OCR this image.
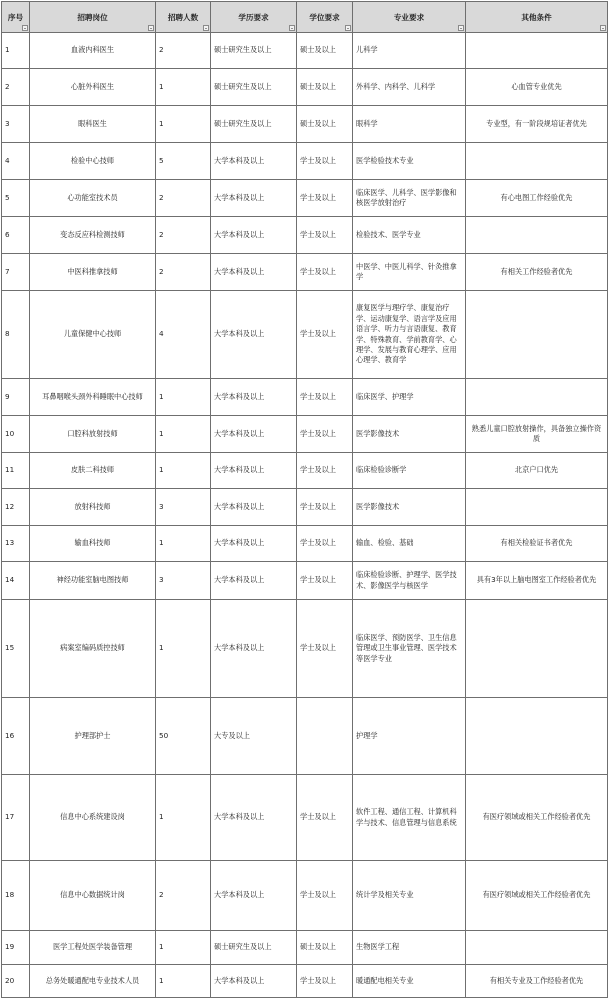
序号	招聘岗位	招聘人数	学历要求	学位要求	专业要求	其他条件

1	血液内科医生	2	硕士研究生及以上	硕士及以上	儿科学	
2	心脏外科医生	1	硕士研究生及以上	硕士及以上	外科学、内科学、儿科学	心血管专业优先
3	眼科医生	1	硕士研究生及以上	硕士及以上	眼科学	专业型，有一阶段规培证者优先
4	检验中心技师	5	大学本科及以上	学士及以上	医学检验技术专业	
5	心功能室技术员	2	大学本科及以上	学士及以上	临床医学、儿科学、医学影像和核医学放射治疗	有心电图工作经验优先
6	变态反应科检测技师	2	大学本科及以上	学士及以上	检验技术、医学专业	
7	中医科推拿技师	2	大学本科及以上	学士及以上	中医学、中医儿科学、针灸推拿学	有相关工作经验者优先
8	儿童保健中心技师	4	大学本科及以上	学士及以上	康复医学与理疗学、康复治疗学、运动康复学、语言学及应用语言学、听力与言语康复、教育学、特殊教育、学前教育学、心理学、发展与教育心理学、应用心理学、教育学	
9	耳鼻咽喉头颈外科睡眠中心技师	1	大学本科及以上	学士及以上	临床医学、护理学	
10	口腔科放射技师	1	大学本科及以上	学士及以上	医学影像技术	熟悉儿童口腔放射操作，具备独立操作资质
11	皮肤二科技师	1	大学本科及以上	学士及以上	临床检验诊断学	北京户口优先
12	放射科技师	3	大学本科及以上	学士及以上	医学影像技术	
13	输血科技师	1	大学本科及以上	学士及以上	输血、检验、基础	有相关检验证书者优先
14	神经功能室脑电图技师	3	大学本科及以上	学士及以上	临床检验诊断、护理学、医学技术、影像医学与核医学	具有3年以上脑电图室工作经验者优先
15	病案室编码质控技师	1	大学本科及以上	学士及以上	临床医学、预防医学、卫生信息管理或卫生事业管理、医学技术等医学专业	
16	护理部护士	50	大专及以上		护理学	
17	信息中心系统建设岗	1	大学本科及以上	学士及以上	软件工程、通信工程、计算机科学与技术、信息管理与信息系统	有医疗领域或相关工作经验者优先
18	信息中心数据统计岗	2	大学本科及以上	学士及以上	统计学及相关专业	有医疗领域或相关工作经验者优先
19	医学工程处医学装备管理	1	硕士研究生及以上	硕士及以上	生物医学工程	
20	总务处暖通配电专业技术人员	1	大学本科及以上	学士及以上	暖通配电相关专业	有相关专业及工作经验者优先
